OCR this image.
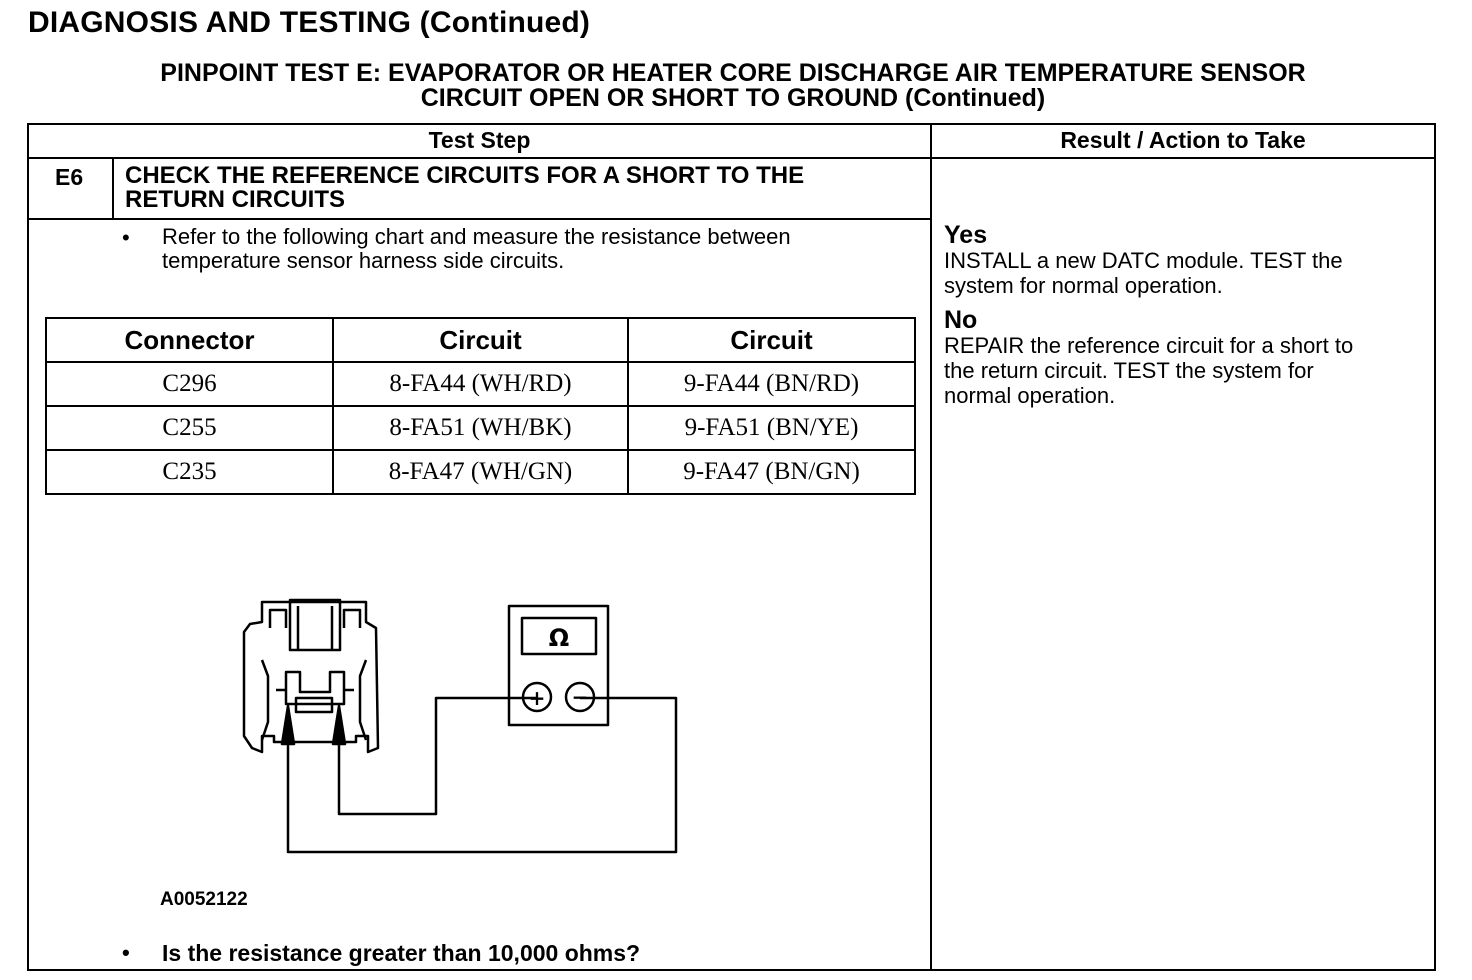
DIAGNOSIS AND TESTING (Continued)
PINPOINT TEST E: EVAPORATOR OR HEATER CORE DISCHARGE AIR TEMPERATURE SENSOR
CIRCUIT OPEN OR SHORT TO GROUND (Continued)
Test Step	Result / Action to Take
E6 CHECK THE REFERENCE CIRCUITS FOR A SHORT TO THE
RETURN CIRCUITS
• Refer to the following chart and measure the resistance between
temperature sensor harness side circuits.
Connector	Circuit	Circuit
C296	8-FA44 (WH/RD)	9-FA44 (BN/RD)
C255	8-FA51 (WH/BK)	9-FA51 (BN/YE)
C235	8-FA47 (WH/GN)	9-FA47 (BN/GN)
Ω
+ −
A0052122
• Is the resistance greater than 10,000 ohms?
Yes
INSTALL a new DATC module. TEST the
system for normal operation.
No
REPAIR the reference circuit for a short to
the return circuit. TEST the system for
normal operation.
